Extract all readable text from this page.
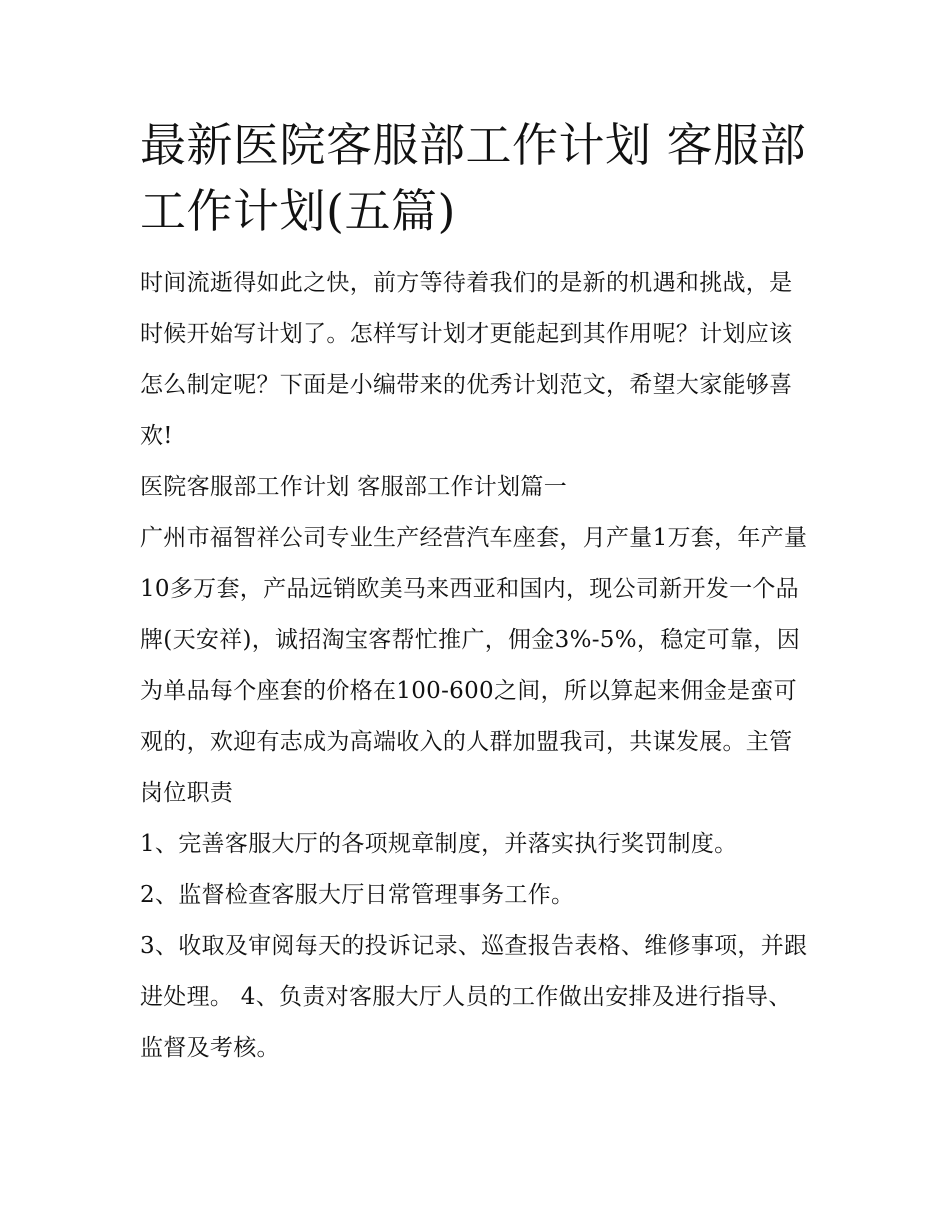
最新医院客服部工作计划 客服部工作计划(五篇)

时间流逝得如此之快，前方等待着我们的是新的机遇和挑战，是时候开始写计划了。怎样写计划才更能起到其作用呢？计划应该怎么制定呢？下面是小编带来的优秀计划范文，希望大家能够喜欢!

医院客服部工作计划 客服部工作计划篇一

广州市福智祥公司专业生产经营汽车座套，月产量1万套，年产量10多万套，产品远销欧美马来西亚和国内，现公司新开发一个品牌(天安祥)，诚招淘宝客帮忙推广，佣金3%-5%，稳定可靠，因为单品每个座套的价格在100-600之间，所以算起来佣金是蛮可观的，欢迎有志成为高端收入的人群加盟我司，共谋发展。主管岗位职责

1、完善客服大厅的各项规章制度，并落实执行奖罚制度。

2、监督检查客服大厅日常管理事务工作。

3、收取及审阅每天的投诉记录、巡查报告表格、维修事项，并跟进处理。 4、负责对客服大厅人员的工作做出安排及进行指导、监督及考核。
